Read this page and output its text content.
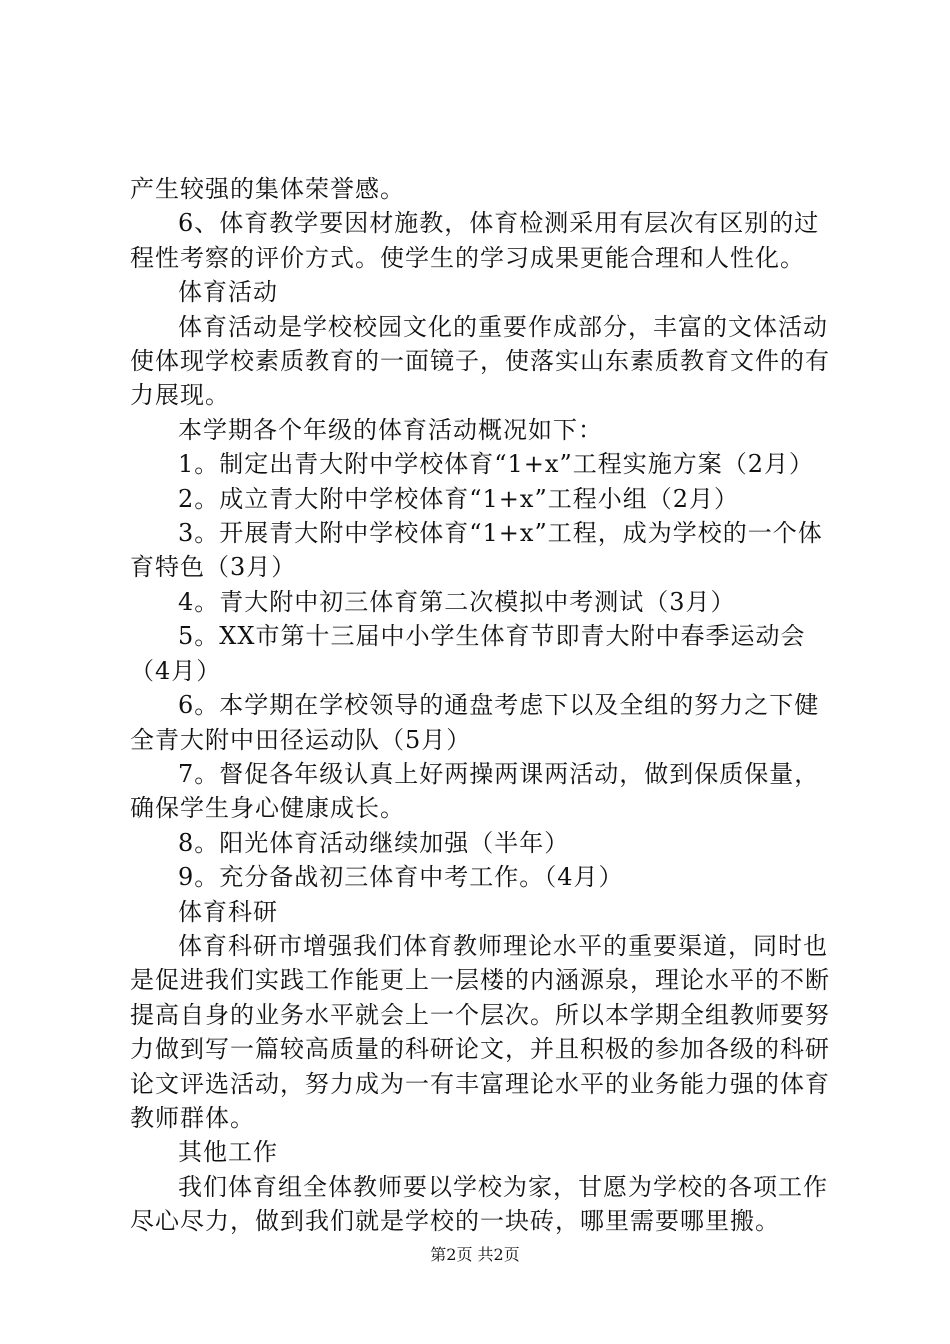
产生较强的集体荣誉感。

6、体育教学要因材施教，体育检测采用有层次有区别的过程性考察的评价方式。使学生的学习成果更能合理和人性化。

体育活动

体育活动是学校校园文化的重要作成部分，丰富的文体活动使体现学校素质教育的一面镜子，使落实山东素质教育文件的有力展现。

本学期各个年级的体育活动概况如下：

1。制定出青大附中学校体育“1+x”工程实施方案（2月）

2。成立青大附中学校体育“1+x”工程小组（2月）

3。开展青大附中学校体育“1+x”工程，成为学校的一个体育特色（3月）

4。青大附中初三体育第二次模拟中考测试（3月）

5。XX市第十三届中小学生体育节即青大附中春季运动会（4月）

6。本学期在学校领导的通盘考虑下以及全组的努力之下健全青大附中田径运动队（5月）

7。督促各年级认真上好两操两课两活动，做到保质保量，确保学生身心健康成长。

8。阳光体育活动继续加强（半年）

9。充分备战初三体育中考工作。（4月）

体育科研

体育科研市增强我们体育教师理论水平的重要渠道，同时也是促进我们实践工作能更上一层楼的内涵源泉，理论水平的不断提高自身的业务水平就会上一个层次。所以本学期全组教师要努力做到写一篇较高质量的科研论文，并且积极的参加各级的科研论文评选活动，努力成为一有丰富理论水平的业务能力强的体育教师群体。

其他工作

我们体育组全体教师要以学校为家，甘愿为学校的各项工作尽心尽力，做到我们就是学校的一块砖，哪里需要哪里搬。

第2页 共2页
